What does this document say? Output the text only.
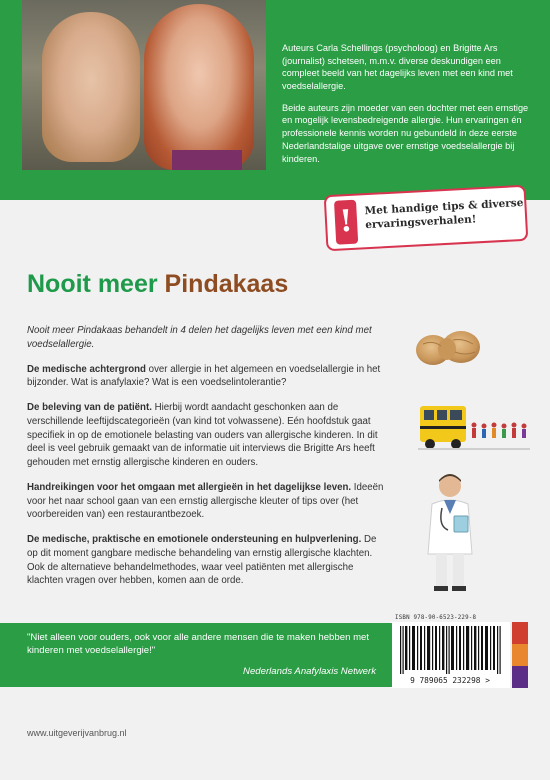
Auteurs Carla Schellings (psycholoog) en Brigitte Ars (journalist) schetsen, m.m.v. diverse deskundigen een compleet beeld van het dagelijks leven met een kind met voedselallergie.

Beide auteurs zijn moeder van een dochter met een ernstige en mogelijk levensbedreigende allergie. Hun ervaringen én professionele kennis worden nu gebundeld in deze eerste Nederlandstalige uitgave over ernstige voedselallergie bij kinderen.

!	Met handige tips & diverse ervaringsverhalen!
Nooit meer Pindakaas

Nooit meer Pindakaas behandelt in 4 delen het dagelijks leven met een kind met voedselallergie.

De medische achtergrond over allergie in het algemeen en voedselallergie in het bijzonder. Wat is anafylaxie? Wat is een voedselintolerantie?

De beleving van de patiënt. Hierbij wordt aandacht geschonken aan de verschillende leeftijdscategorieën (van kind tot volwassene). Eén hoofdstuk gaat specifiek in op de emotionele belasting van ouders van allergische kinderen. In dit deel is veel gebruik gemaakt van de informatie uit interviews die Brigitte Ars heeft gehouden met ernstig allergische kinderen en ouders.

Handreikingen voor het omgaan met allergieën in het dagelijkse leven. Ideeën voor het naar school gaan van een ernstig allergische kleuter of tips over (het voorbereiden van) een restaurantbezoek.

De medische, praktische en emotionele ondersteuning en hulpverlening. De op dit moment gangbare medische behandeling van ernstig allergische klachten. Ook de alternatieve behandelmethodes, waar veel patiënten met allergische klachten vragen over hebben, komen aan de orde.

ISBN 978-90-6523-229-8
9 789065 232298 >
"Niet alleen voor ouders, ook voor alle andere mensen die te maken hebben met kinderen met voedselallergie!"
Nederlands Anafylaxis Netwerk
www.uitgeverijvanbrug.nl
